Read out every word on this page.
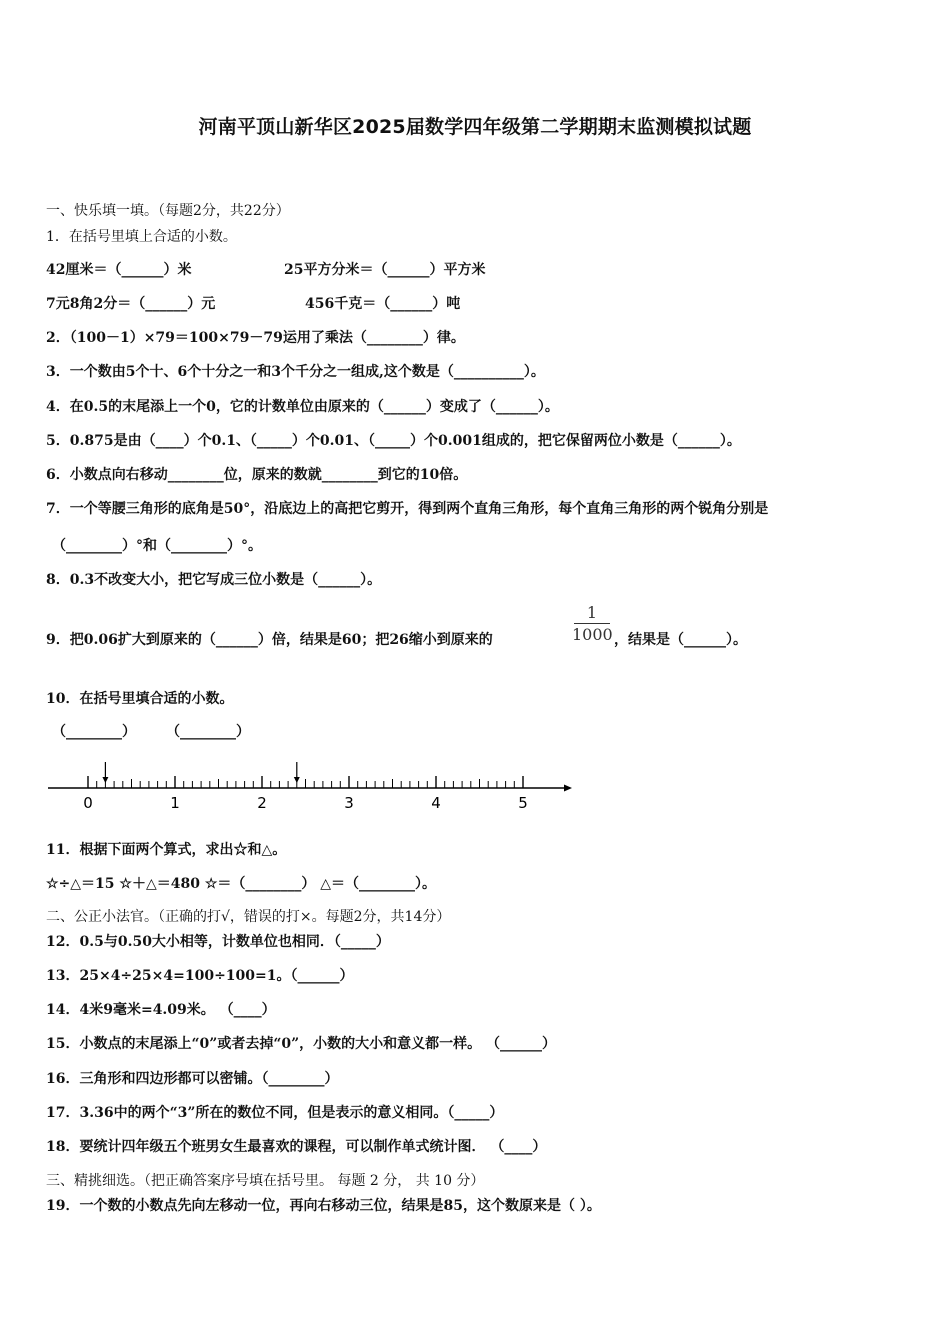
河南平顶山新华区2025届数学四年级第二学期期末监测模拟试题
一、快乐填一填。（每题2分，共22分）
1．在括号里填上合适的小数。
42厘米＝（______）米	25平方分米＝（______）平方米
7元8角2分＝（______）元	456千克＝（______）吨
2．（100－1）×79＝100×79－79运用了乘法（________）律。
3．一个数由5个十、6个十分之一和3个千分之一组成,这个数是（__________）。
4．在0.5的末尾添上一个0，它的计数单位由原来的（______）变成了（______）。
5．0.875是由（____）个0.1、（_____）个0.01、（_____）个0.001组成的，把它保留两位小数是（______）。
6．小数点向右移动________位，原来的数就________到它的10倍。
7．一个等腰三角形的底角是50°，沿底边上的高把它剪开，得到两个直角三角形，每个直角三角形的两个锐角分别是
（________）°和（________）°。
8．0.3不改变大小，把它写成三位小数是（______）。
9．把0.06扩大到原来的（______）倍，结果是60；把26缩小到原来的
1
1000 ，结果是（______）。
10．在括号里填合适的小数。
（________） （________）
0	1	2	3	4	5
11．根据下面两个算式，求出☆和△。
☆÷△＝15 ☆＋△＝480 ☆＝（________） △＝（________）。
二、公正小法官。（正确的打√，错误的打×。每题2分，共14分）
12．0.5与0.50大小相等，计数单位也相同．（_____）
13．25×4÷25×4=100÷100=1。（______）
14．4米9毫米=4.09米。 （____）
15．小数点的末尾添上“0”或者去掉“0”，小数的大小和意义都一样。 （______）
16．三角形和四边形都可以密铺。（________）
17．3.36中的两个“3”所在的数位不同，但是表示的意义相同。（_____）
18．要统计四年级五个班男女生最喜欢的课程，可以制作单式统计图． （____）
三、精挑细选。（把正确答案序号填在括号里。 每题 2 分， 共 10 分）
19．一个数的小数点先向左移动一位，再向右移动三位，结果是85，这个数原来是（ ）。
